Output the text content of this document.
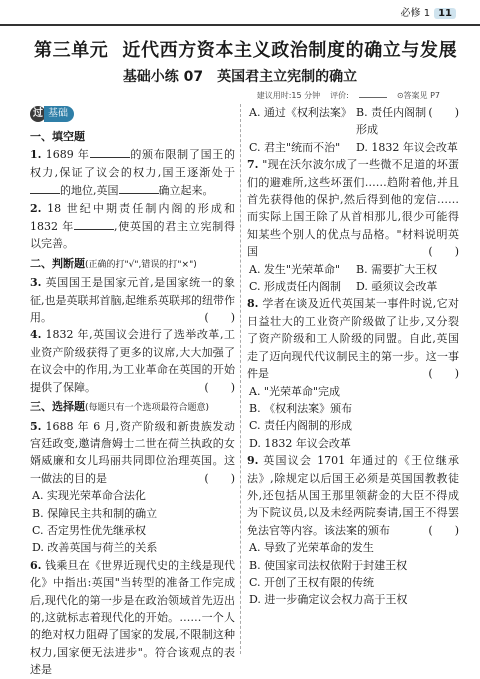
必修 1 11
第三单元 近代西方资本主义政治制度的确立与发展
基础小练 07　英国君主立宪制的确立
建议用时:15 分钟 评价:	⊙答案见 P7
过 基础
一、填空题
1. 1689 年	的颁布限制了国王的权力,保证了议会的权力,国王逐渐处于的地位,英国	确立起来。
2. 18 世纪中期责任制内阁的形成和 1832 年	,使英国的君主立宪制得以完善。
二、判断题(正确的打"√",错误的打"×")
3. 英国国王是国家元首,是国家统一的象征,也是英联邦首脑,起维系英联邦的纽带作用。	(　　)
4. 1832 年,英国议会进行了选举改革,工业资产阶级获得了更多的议席,大大加强了在议会中的作用,为工业革命在英国的开始提供了保障。	(　　)
三、选择题(每题只有一个选项最符合题意)
5. 1688 年 6 月,资产阶级和新贵族发动宫廷政变,邀请詹姆士二世在荷兰执政的女婿威廉和女儿玛丽共同即位治理英国。这一做法的目的是	(　　)
A. 实现光荣革命合法化
B. 保障民主共和制的确立
C. 否定男性优先继承权
D. 改善英国与荷兰的关系
6. 钱乘旦在《世界近现代史的主线是现代化》中指出:英国"当转型的准备工作完成后,现代化的第一步是在政治领域首先迈出的,这就标志着现代化的开始。……一个人的绝对权力阻碍了国家的发展,不限制这种权力,国家便无法进步"。符合该观点的表述是
(　　)
A. 通过《权利法案》 B. 责任内阁制形成
C. 君主"统而不治"	D. 1832 年议会改革
7. "现在沃尔波尔成了一些微不足道的坏蛋们的避难所,这些坏蛋们……趋附着他,并且首先获得他的保护,然后得到他的宠信……而实际上国王除了从首相那儿,很少可能得知某些个别人的优点与品格。"材料说明英国	(　　)
A. 发生"光荣革命"	B. 需要扩大王权
C. 形成责任内阁制	D. 亟须议会改革
8. 学者在谈及近代英国某一事件时说,它对日益壮大的工业资产阶级做了让步,又分裂了资产阶级和工人阶级的同盟。自此,英国走了迈向现代代议制民主的第一步。这一事件是	(　　)
A. "光荣革命"完成
B. 《权利法案》颁布
C. 责任内阁制的形成
D. 1832 年议会改革
9. 英国议会 1701 年通过的《王位继承法》,除规定以后国王必须是英国国教教徒外,还包括从国王那里领薪金的大臣不得成为下院议员,以及未经两院奏请,国王不得罢免法官等内容。该法案的颁布	(　　)
A. 导致了光荣革命的发生
B. 使国家司法权依附于封建王权
C. 开创了王权有限的传统
D. 进一步确定议会权力高于王权
